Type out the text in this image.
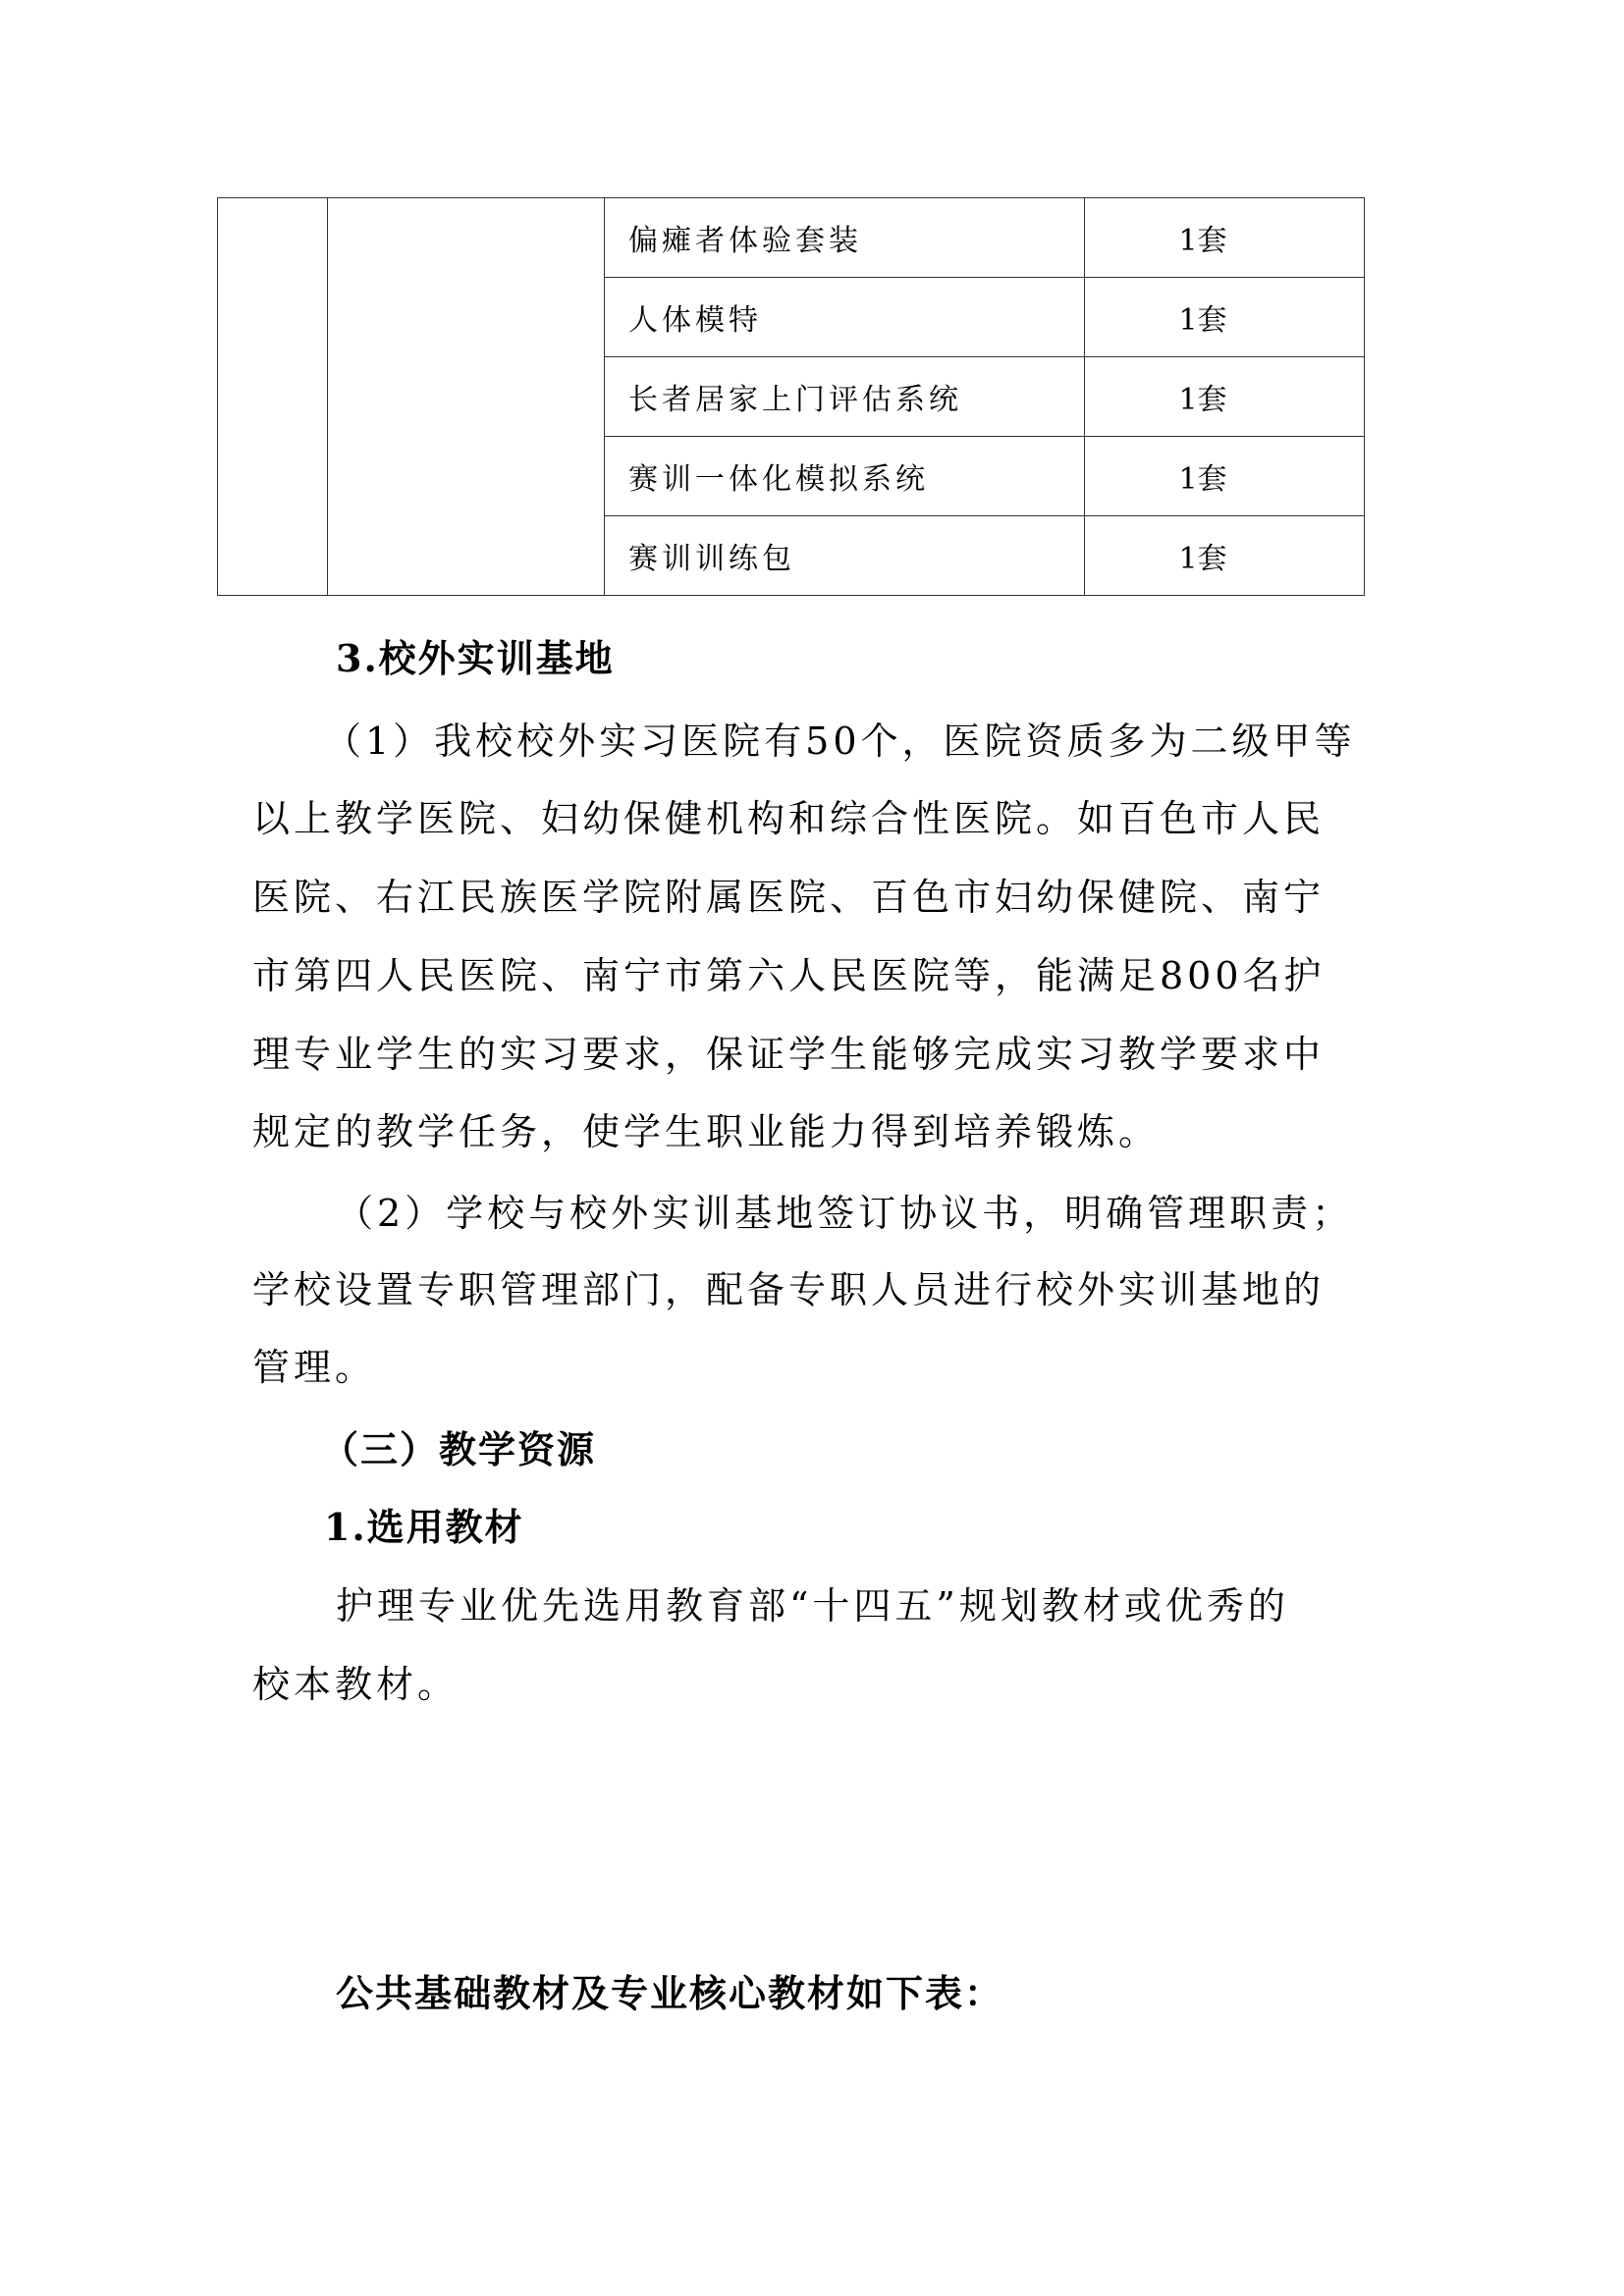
		偏瘫者体验套装	1套
		人体模特	1套
		长者居家上门评估系统	1套
		赛训一体化模拟系统	1套
		赛训训练包	1套
3.校外实训基地
（1）我校校外实习医院有50个，医院资质多为二级甲等
以上教学医院、妇幼保健机构和综合性医院。如百色市人民
医院、右江民族医学院附属医院、百色市妇幼保健院、南宁
市第四人民医院、南宁市第六人民医院等，能满足800名护
理专业学生的实习要求，保证学生能够完成实习教学要求中
规定的教学任务，使学生职业能力得到培养锻炼。
（2）学校与校外实训基地签订协议书，明确管理职责；
学校设置专职管理部门，配备专职人员进行校外实训基地的
管理。
（三）教学资源
1.选用教材
护理专业优先选用教育部“十四五”规划教材或优秀的
校本教材。
公共基础教材及专业核心教材如下表：
